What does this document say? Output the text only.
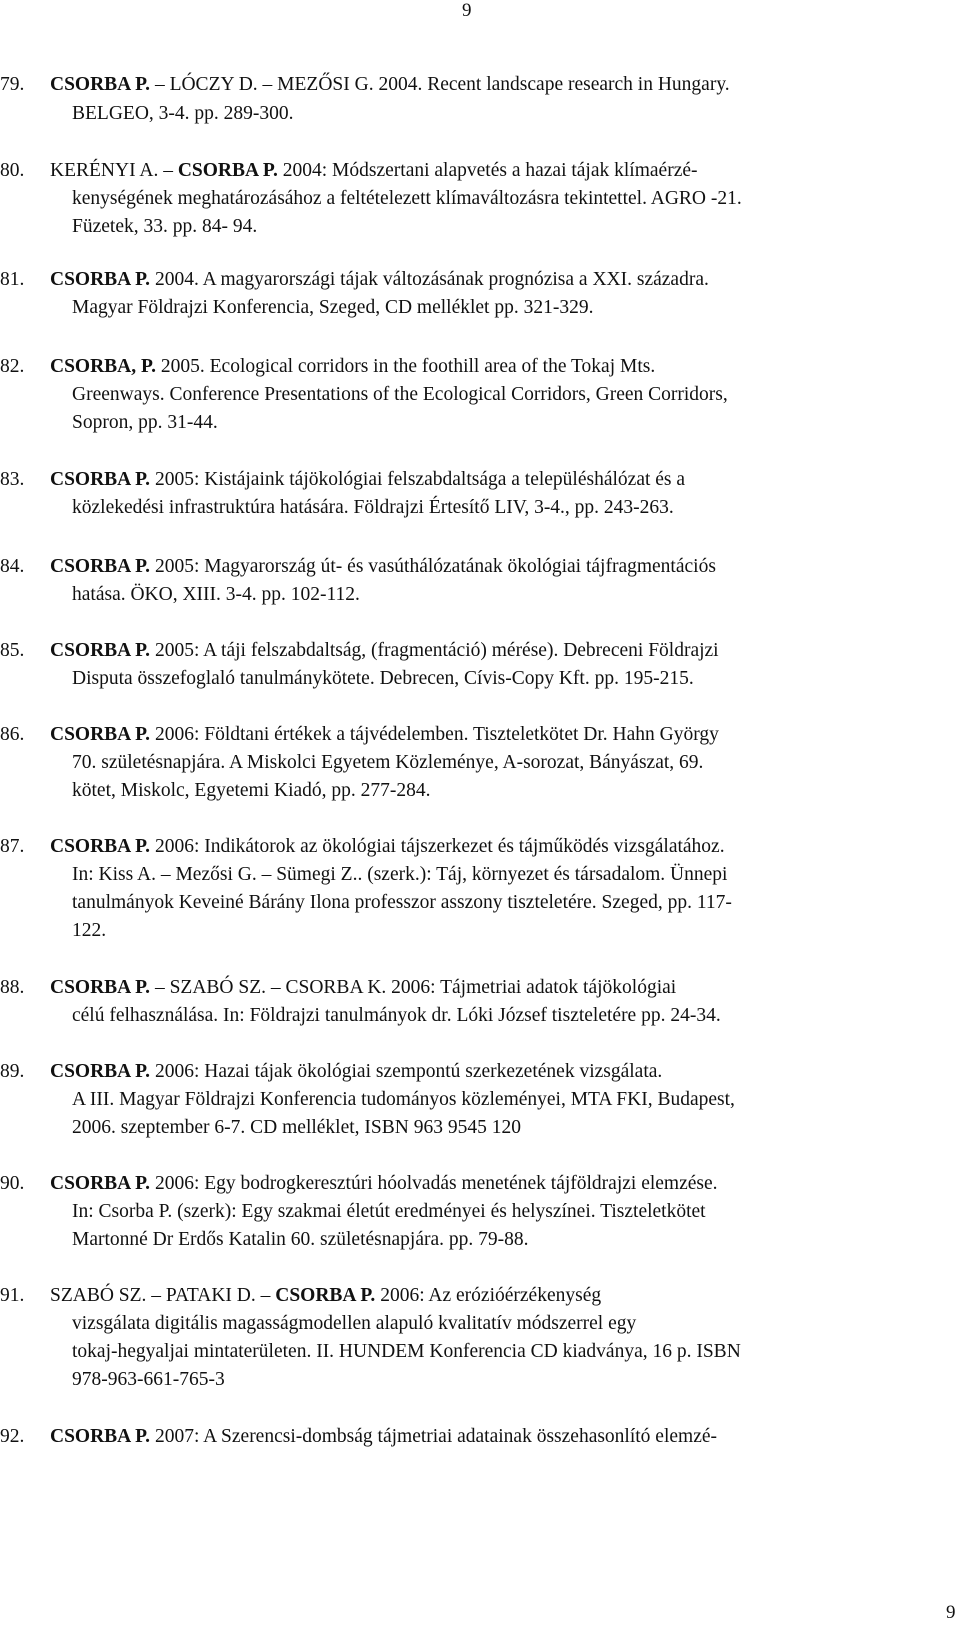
9
79. CSORBA P. – LÓCZY D. – MEZŐSI G. 2004. Recent landscape research in Hungary.
BELGEO, 3-4. pp. 289-300.
80. KERÉNYI A. – CSORBA P. 2004: Módszertani alapvetés a hazai tájak klímaérzé-
kenységének meghatározásához a feltételezett klímaváltozásra tekintettel. AGRO -21.
Füzetek, 33. pp. 84- 94.
81. CSORBA P. 2004. A magyarországi tájak változásának prognózisa a XXI. századra.
Magyar Földrajzi Konferencia, Szeged, CD melléklet pp. 321-329.
82. CSORBA, P. 2005. Ecological corridors in the foothill area of the Tokaj Mts.
Greenways. Conference Presentations of the Ecological Corridors, Green Corridors,
Sopron, pp. 31-44.
83. CSORBA P. 2005: Kistájaink tájökológiai felszabdaltsága a településhálózat és a
közlekedési infrastruktúra hatására. Földrajzi Értesítő LIV, 3-4., pp. 243-263.
84. CSORBA P. 2005: Magyarország út- és vasúthálózatának ökológiai tájfragmentációs
hatása. ÖKO, XIII. 3-4. pp. 102-112.
85. CSORBA P. 2005: A táji felszabdaltság, (fragmentáció) mérése). Debreceni Földrajzi
Disputa összefoglaló tanulmánykötete. Debrecen, Cívis-Copy Kft. pp. 195-215.
86. CSORBA P. 2006: Földtani értékek a tájvédelemben. Tiszteletkötet Dr. Hahn György
70. születésnapjára. A Miskolci Egyetem Közleménye, A-sorozat, Bányászat, 69.
kötet, Miskolc, Egyetemi Kiadó, pp. 277-284.
87. CSORBA P. 2006: Indikátorok az ökológiai tájszerkezet és tájműködés vizsgálatához.
In: Kiss A. – Mezősi G. – Sümegi Z.. (szerk.): Táj, környezet és társadalom. Ünnepi
tanulmányok Keveiné Bárány Ilona professzor asszony tiszteletére. Szeged, pp. 117-
122.
88. CSORBA P. – SZABÓ SZ. – CSORBA K. 2006: Tájmetriai adatok tájökológiai
célú felhasználása. In: Földrajzi tanulmányok dr. Lóki József tiszteletére pp. 24-34.
89. CSORBA P. 2006: Hazai tájak ökológiai szempontú szerkezetének vizsgálata.
A III. Magyar Földrajzi Konferencia tudományos közleményei, MTA FKI, Budapest,
2006. szeptember 6-7. CD melléklet, ISBN 963 9545 120
90. CSORBA P. 2006: Egy bodrogkeresztúri hóolvadás menetének tájföldrajzi elemzése.
In: Csorba P. (szerk): Egy szakmai életút eredményei és helyszínei. Tiszteletkötet
Martonné Dr Erdős Katalin 60. születésnapjára. pp. 79-88.
91. SZABÓ SZ. – PATAKI D. – CSORBA P. 2006: Az erózióérzékenység
vizsgálata digitális magasságmodellen alapuló kvalitatív módszerrel egy
tokaj-hegyaljai mintaterületen. II. HUNDEM Konferencia CD kiadványa, 16 p. ISBN
978-963-661-765-3
92. CSORBA P. 2007: A Szerencsi-dombság tájmetriai adatainak összehasonlító elemzé-
9
